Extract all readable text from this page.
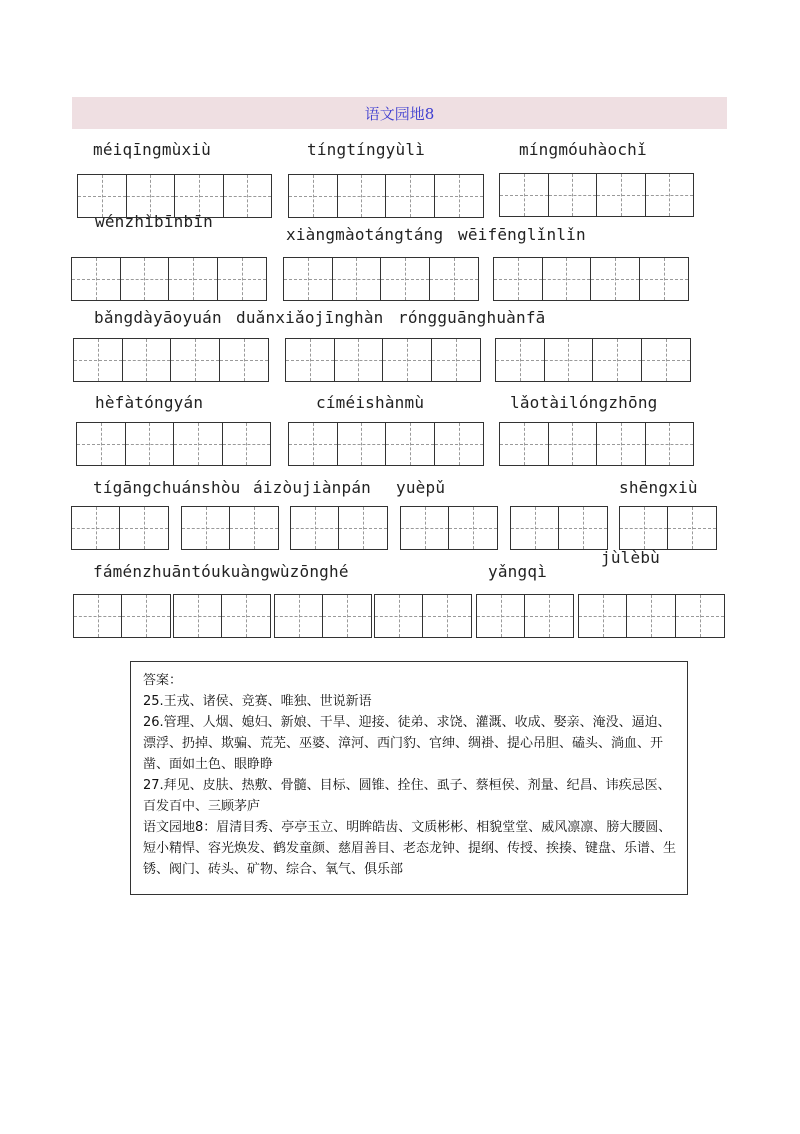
语文园地8
méiqīngmùxiù	tíngtíngyùlì	míngmóuhàochǐ
wénzhìbīnbīn
xiàngmàotángtáng wēifēnglǐnlǐn
bǎngdàyāoyuán duǎnxiǎojīnghàn róngguānghuànfā
hèfàtóngyán	címéishànmù	lǎotàilóngzhōng
tígāngchuánshòu áizòujiànpán yuèpǔ	shēngxiù
jùlèbù
fáménzhuāntóukuàngwùzōnghé	yǎngqì

答案：

25.王戎、诸侯、竞赛、唯独、世说新语

26.管理、人烟、媳妇、新娘、干旱、迎接、徒弟、求饶、灌溉、收成、娶亲、淹没、逼迫、漂浮、扔掉、欺骗、荒芜、巫婆、漳河、西门豹、官绅、绸褂、提心吊胆、磕头、淌血、开凿、面如土色、眼睁睁

27.拜见、皮肤、热敷、骨髓、目标、圆锥、拴住、虱子、蔡桓侯、剂量、纪昌、讳疾忌医、百发百中、三顾茅庐

语文园地8：眉清目秀、亭亭玉立、明眸皓齿、文质彬彬、相貌堂堂、威风凛凛、膀大腰圆、短小精悍、容光焕发、鹤发童颜、慈眉善目、老态龙钟、提纲、传授、挨揍、键盘、乐谱、生锈、阀门、砖头、矿物、综合、氧气、俱乐部
